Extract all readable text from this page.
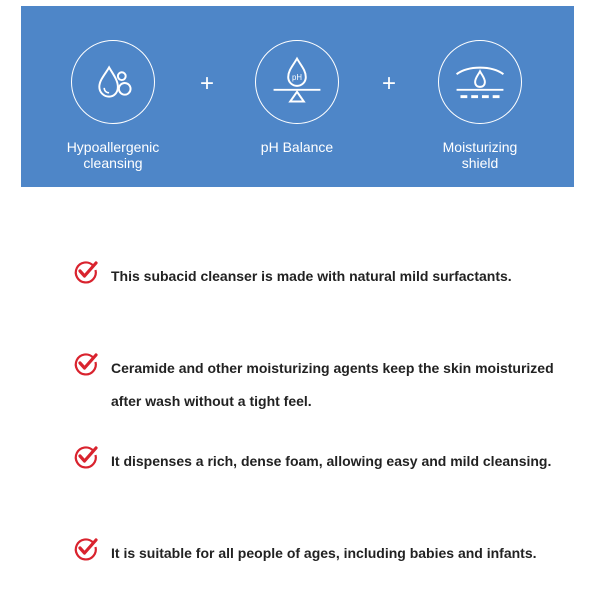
Hypoallergenic
cleansing
+	pH
pH Balance
+
Moisturizing
shield
This subacid cleanser is made with natural mild surfactants.
Ceramide and other moisturizing agents keep the skin moisturized after wash without a tight feel.
It dispenses a rich, dense foam, allowing easy and mild cleansing.
It is suitable for all people of ages, including babies and infants.
